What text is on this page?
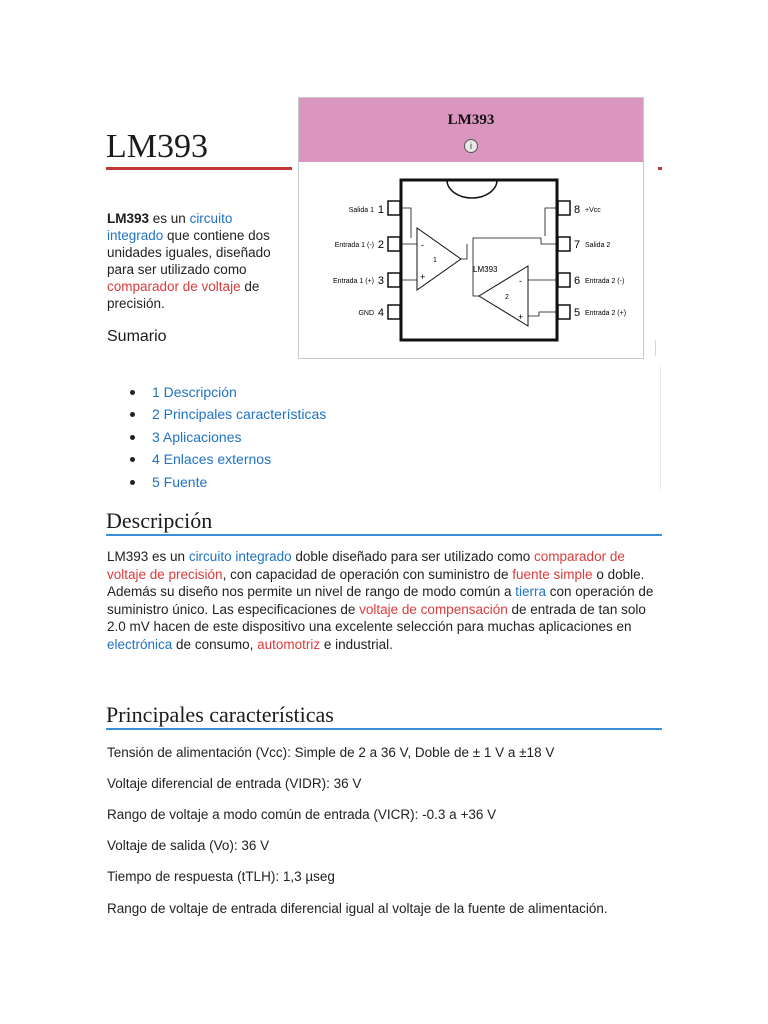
LM393
LM393 es un circuito integrado que contiene dos unidades iguales, diseñado para ser utilizado como comparador de voltaje de precisión.
LM393
i
Salida 1 1
Entrada 1 (-) 2
Entrada 1 (+) 3
GND 4
8 +Vcc
7 Salida 2
6 Entrada 2 (-)
5 Entrada 2 (+)
-
+
1
-
+
2
LM393
Sumario
1 Descripción
2 Principales características
3 Aplicaciones
4 Enlaces externos
5 Fuente
Descripción
LM393 es un circuito integrado doble diseñado para ser utilizado como comparador de voltaje de precisión, con capacidad de operación con suministro de fuente simple o doble. Además su diseño nos permite un nivel de rango de modo común a tierra con operación de suministro único. Las especificaciones de voltaje de compensación de entrada de tan solo 2.0 mV hacen de este dispositivo una excelente selección para muchas aplicaciones en electrónica de consumo, automotriz e industrial.
Principales características
Tensión de alimentación (Vcc): Simple de 2 a 36 V, Doble de ± 1 V a ±18 V
Voltaje diferencial de entrada (VIDR): 36 V
Rango de voltaje a modo común de entrada (VICR): -0.3 a +36 V
Voltaje de salida (Vo): 36 V
Tiempo de respuesta (tTLH): 1,3 µseg
Rango de voltaje de entrada diferencial igual al voltaje de la fuente de alimentación.
